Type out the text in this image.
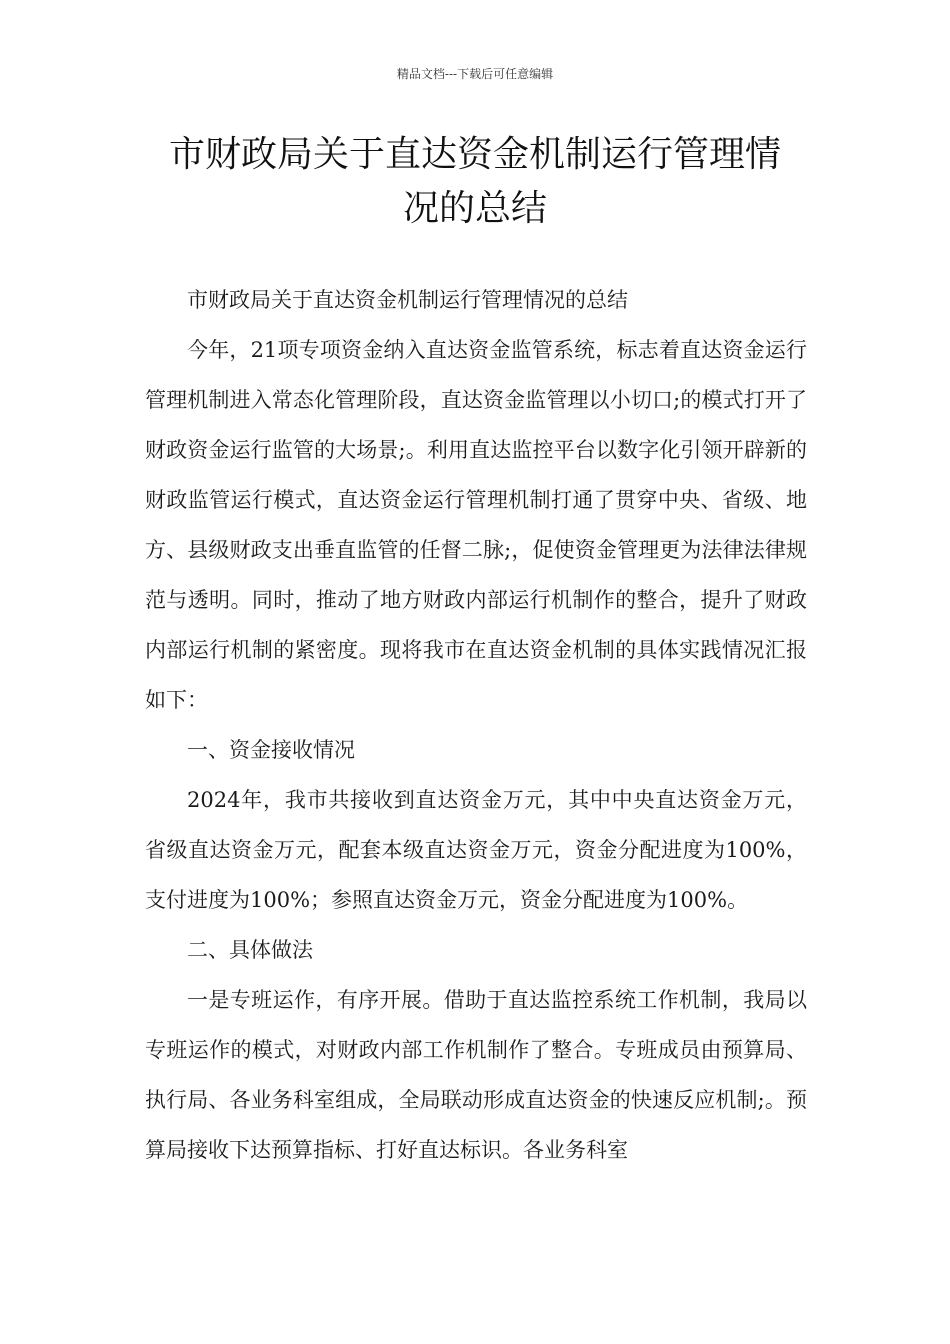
精品文档---下载后可任意编辑
市财政局关于直达资金机制运行管理情
况的总结

市财政局关于直达资金机制运行管理情况的总结

今年，21项专项资金纳入直达资金监管系统，标志着直达资金运行管理机制进入常态化管理阶段，直达资金监管理以小切口;的模式打开了财政资金运行监管的大场景;。利用直达监控平台以数字化引领开辟新的财政监管运行模式，直达资金运行管理机制打通了贯穿中央、省级、地方、县级财政支出垂直监管的任督二脉;，促使资金管理更为法律法律规范与透明。同时，推动了地方财政内部运行机制作的整合，提升了财政内部运行机制的紧密度。现将我市在直达资金机制的具体实践情况汇报如下：

一、资金接收情况

2024年，我市共接收到直达资金万元，其中中央直达资金万元，省级直达资金万元，配套本级直达资金万元，资金分配进度为100%，支付进度为100%；参照直达资金万元，资金分配进度为100%。

二、具体做法

一是专班运作，有序开展。借助于直达监控系统工作机制，我局以专班运作的模式，对财政内部工作机制作了整合。专班成员由预算局、执行局、各业务科室组成，全局联动形成直达资金的快速反应机制;。预算局接收下达预算指标、打好直达标识。各业务科室
